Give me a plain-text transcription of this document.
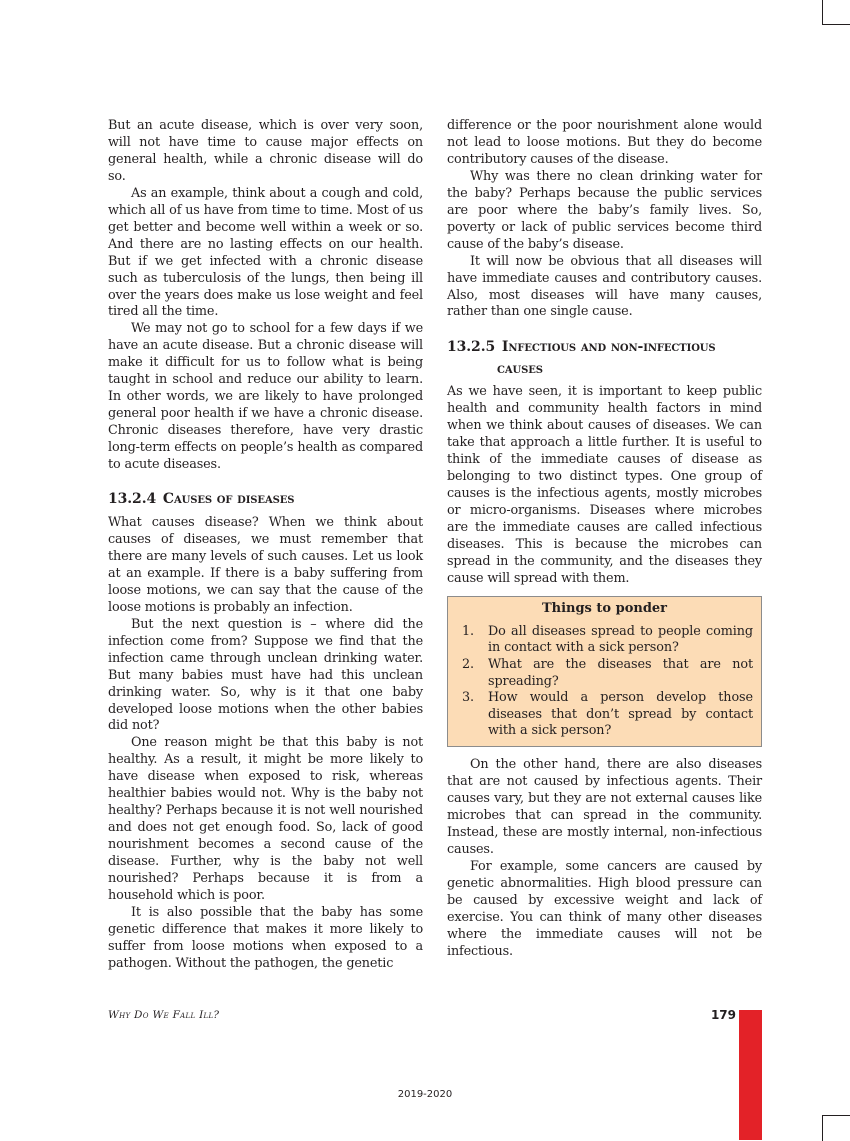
But an acute disease, which is over very soon, will not have time to cause major effects on general health, while a chronic disease will do so.

As an example, think about a cough and cold, which all of us have from time to time. Most of us get better and become well within a week or so. And there are no lasting effects on our health. But if we get infected with a chronic disease such as tuberculosis of the lungs, then being ill over the years does make us lose weight and feel tired all the time.

We may not go to school for a few days if we have an acute disease. But a chronic disease will make it difficult for us to follow what is being taught in school and reduce our ability to learn. In other words, we are likely to have prolonged general poor health if we have a chronic disease. Chronic diseases therefore, have very drastic long-term effects on people’s health as compared to acute diseases.

13.2.4 Causes of diseases

What causes disease? When we think about causes of diseases, we must remember that there are many levels of such causes. Let us look at an example. If there is a baby suffering from loose motions, we can say that the cause of the loose motions is probably an infection.

But the next question is – where did the infection come from? Suppose we find that the infection came through unclean drinking water. But many babies must have had this unclean drinking water. So, why is it that one baby developed loose motions when the other babies did not?

One reason might be that this baby is not healthy. As a result, it might be more likely to have disease when exposed to risk, whereas healthier babies would not. Why is the baby not healthy? Perhaps because it is not well nourished and does not get enough food. So, lack of good nourishment becomes a second cause of the disease. Further, why is the baby not well nourished? Perhaps because it is from a household which is poor.

It is also possible that the baby has some genetic difference that makes it more likely to suffer from loose motions when exposed to a pathogen. Without the pathogen, the genetic

difference or the poor nourishment alone would not lead to loose motions. But they do become contributory causes of the disease.

Why was there no clean drinking water for the baby? Perhaps because the public services are poor where the baby’s family lives. So, poverty or lack of public services become third cause of the baby’s disease.

It will now be obvious that all diseases will have immediate causes and contributory causes. Also, most diseases will have many causes, rather than one single cause.

13.2.5 Infectious and non-infectious
causes

As we have seen, it is important to keep public health and community health factors in mind when we think about causes of diseases. We can take that approach a little further. It is useful to think of the immediate causes of disease as belonging to two distinct types. One group of causes is the infectious agents, mostly microbes or micro-organisms. Diseases where microbes are the immediate causes are called infectious diseases. This is because the microbes can spread in the community, and the diseases they cause will spread with them.

Things to ponder

1. Do all diseases spread to people coming in contact with a sick person?
2. What are the diseases that are not spreading?
3. How would a person develop those diseases that don’t spread by contact with a sick person?

On the other hand, there are also diseases that are not caused by infectious agents. Their causes vary, but they are not external causes like microbes that can spread in the community. Instead, these are mostly internal, non-infectious causes.

For example, some cancers are caused by genetic abnormalities. High blood pressure can be caused by excessive weight and lack of exercise. You can think of many other diseases where the immediate causes will not be infectious.

Why Do We Fall Ill?	179
2019-2020
